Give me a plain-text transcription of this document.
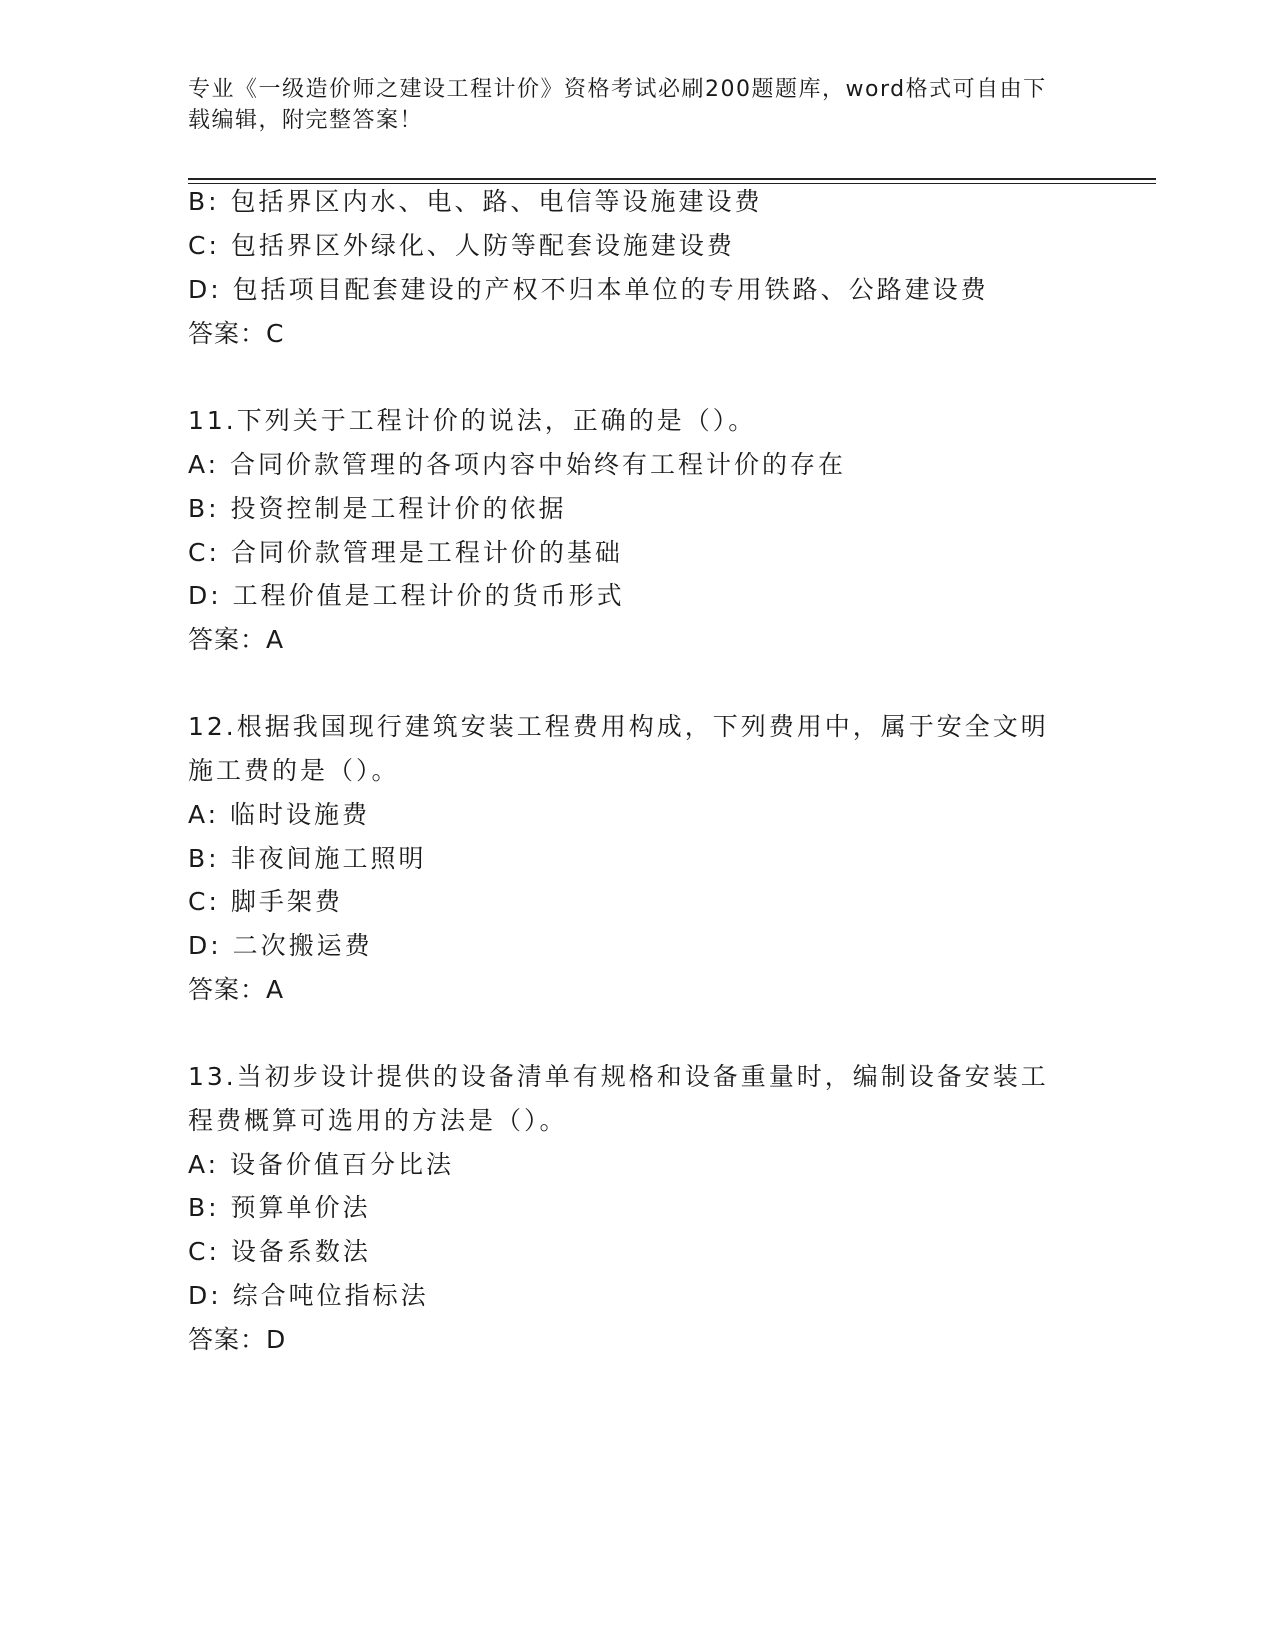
专业《一级造价师之建设工程计价》资格考试必刷200题题库，word格式可自由下载编辑，附完整答案！
B: 包括界区内水、电、路、电信等设施建设费
C: 包括界区外绿化、人防等配套设施建设费
D: 包括项目配套建设的产权不归本单位的专用铁路、公路建设费
答案：C
11.下列关于工程计价的说法，正确的是（）。
A: 合同价款管理的各项内容中始终有工程计价的存在
B: 投资控制是工程计价的依据
C: 合同价款管理是工程计价的基础
D: 工程价值是工程计价的货币形式
答案：A
12.根据我国现行建筑安装工程费用构成，下列费用中，属于安全文明
施工费的是（）。
A: 临时设施费
B: 非夜间施工照明
C: 脚手架费
D: 二次搬运费
答案：A
13.当初步设计提供的设备清单有规格和设备重量时，编制设备安装工
程费概算可选用的方法是（）。
A: 设备价值百分比法
B: 预算单价法
C: 设备系数法
D: 综合吨位指标法
答案：D
